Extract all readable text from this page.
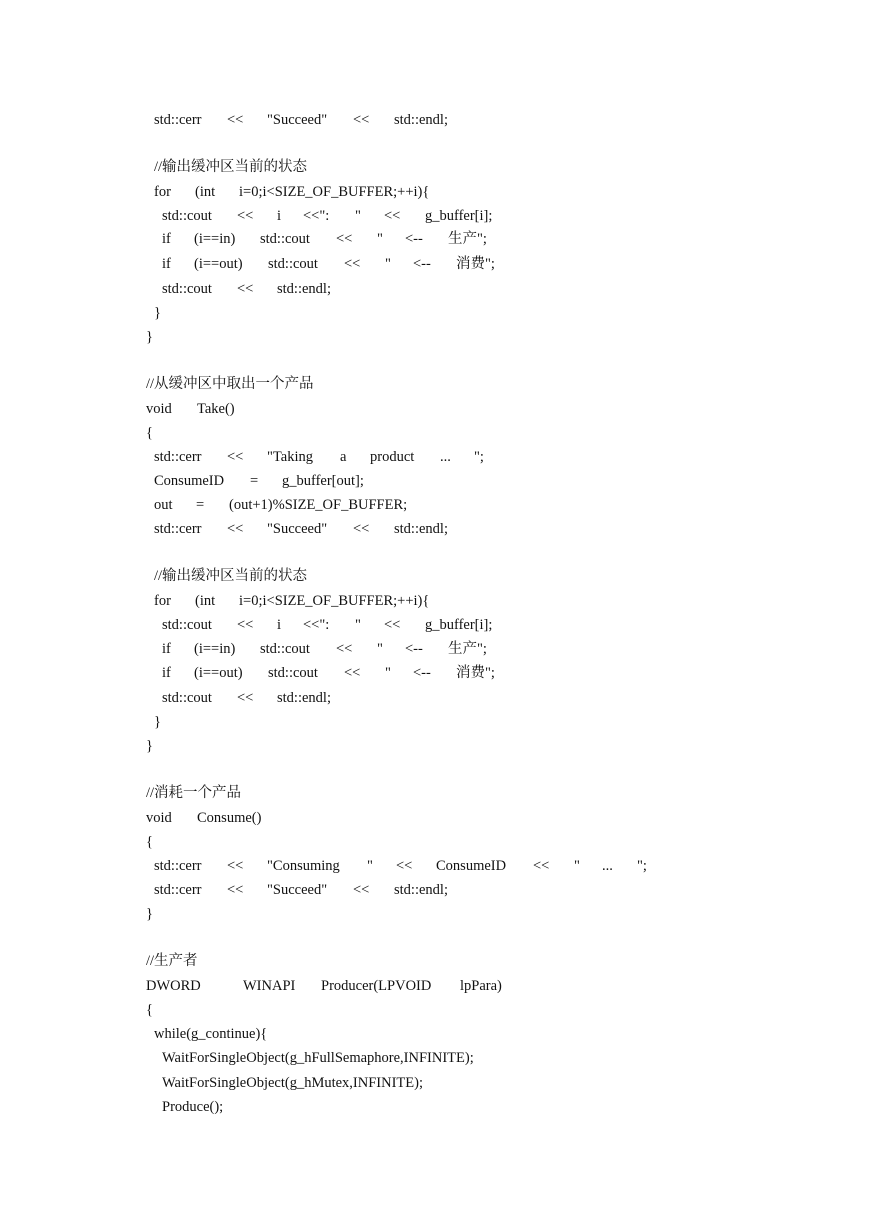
std::cerr << "Succeed" << std::endl;
//输出缓冲区当前的状态
for (int i=0;i<SIZE_OF_BUFFER;++i){
std::cout << i <<": " << g_buffer[i];
if (i==in) std::cout << " <-- 生产";
if (i==out) std::cout << " <-- 消费";
std::cout << std::endl;
}
}
//从缓冲区中取出一个产品
void Take()
{
std::cerr << "Taking a product ... ";
ConsumeID = g_buffer[out];
out = (out+1)%SIZE_OF_BUFFER;
std::cerr << "Succeed" << std::endl;
//输出缓冲区当前的状态
for (int i=0;i<SIZE_OF_BUFFER;++i){
std::cout << i <<": " << g_buffer[i];
if (i==in) std::cout << " <-- 生产";
if (i==out) std::cout << " <-- 消费";
std::cout << std::endl;
}
}
//消耗一个产品
void Consume()
{
std::cerr << "Consuming " << ConsumeID << " ... ";
std::cerr << "Succeed" << std::endl;
}
//生产者
DWORD	WINAPI Producer(LPVOID lpPara)
{
while(g_continue){
WaitForSingleObject(g_hFullSemaphore,INFINITE);
WaitForSingleObject(g_hMutex,INFINITE);
Produce();
